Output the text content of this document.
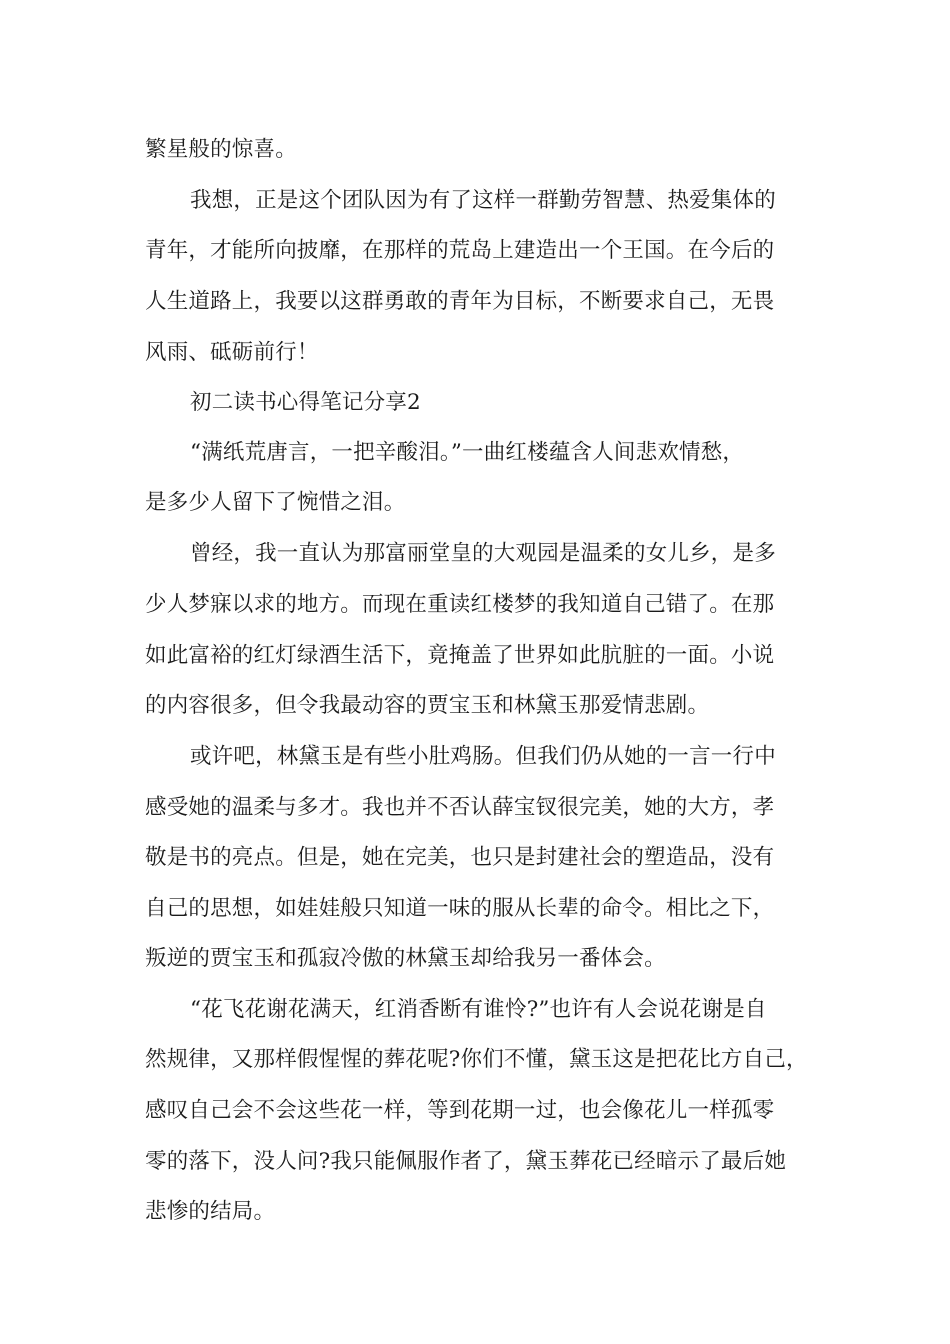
繁星般的惊喜。
我想，正是这个团队因为有了这样一群勤劳智慧、热爱集体的
青年，才能所向披靡，在那样的荒岛上建造出一个王国。在今后的
人生道路上，我要以这群勇敢的青年为目标，不断要求自己，无畏
风雨、砥砺前行！
初二读书心得笔记分享2
“满纸荒唐言，一把辛酸泪。”一曲红楼蕴含人间悲欢情愁，
是多少人留下了惋惜之泪。
曾经，我一直认为那富丽堂皇的大观园是温柔的女儿乡，是多
少人梦寐以求的地方。而现在重读红楼梦的我知道自己错了。在那
如此富裕的红灯绿酒生活下，竟掩盖了世界如此肮脏的一面。小说
的内容很多，但令我最动容的贾宝玉和林黛玉那爱情悲剧。
或许吧，林黛玉是有些小肚鸡肠。但我们仍从她的一言一行中
感受她的温柔与多才。我也并不否认薛宝钗很完美，她的大方，孝
敬是书的亮点。但是，她在完美，也只是封建社会的塑造品，没有
自己的思想，如娃娃般只知道一味的服从长辈的命令。相比之下，
叛逆的贾宝玉和孤寂冷傲的林黛玉却给我另一番体会。
“花飞花谢花满天，红消香断有谁怜?”也许有人会说花谢是自
然规律，又那样假惺惺的葬花呢?你们不懂，黛玉这是把花比方自己，
感叹自己会不会这些花一样，等到花期一过，也会像花儿一样孤零
零的落下，没人问?我只能佩服作者了，黛玉葬花已经暗示了最后她
悲惨的结局。
